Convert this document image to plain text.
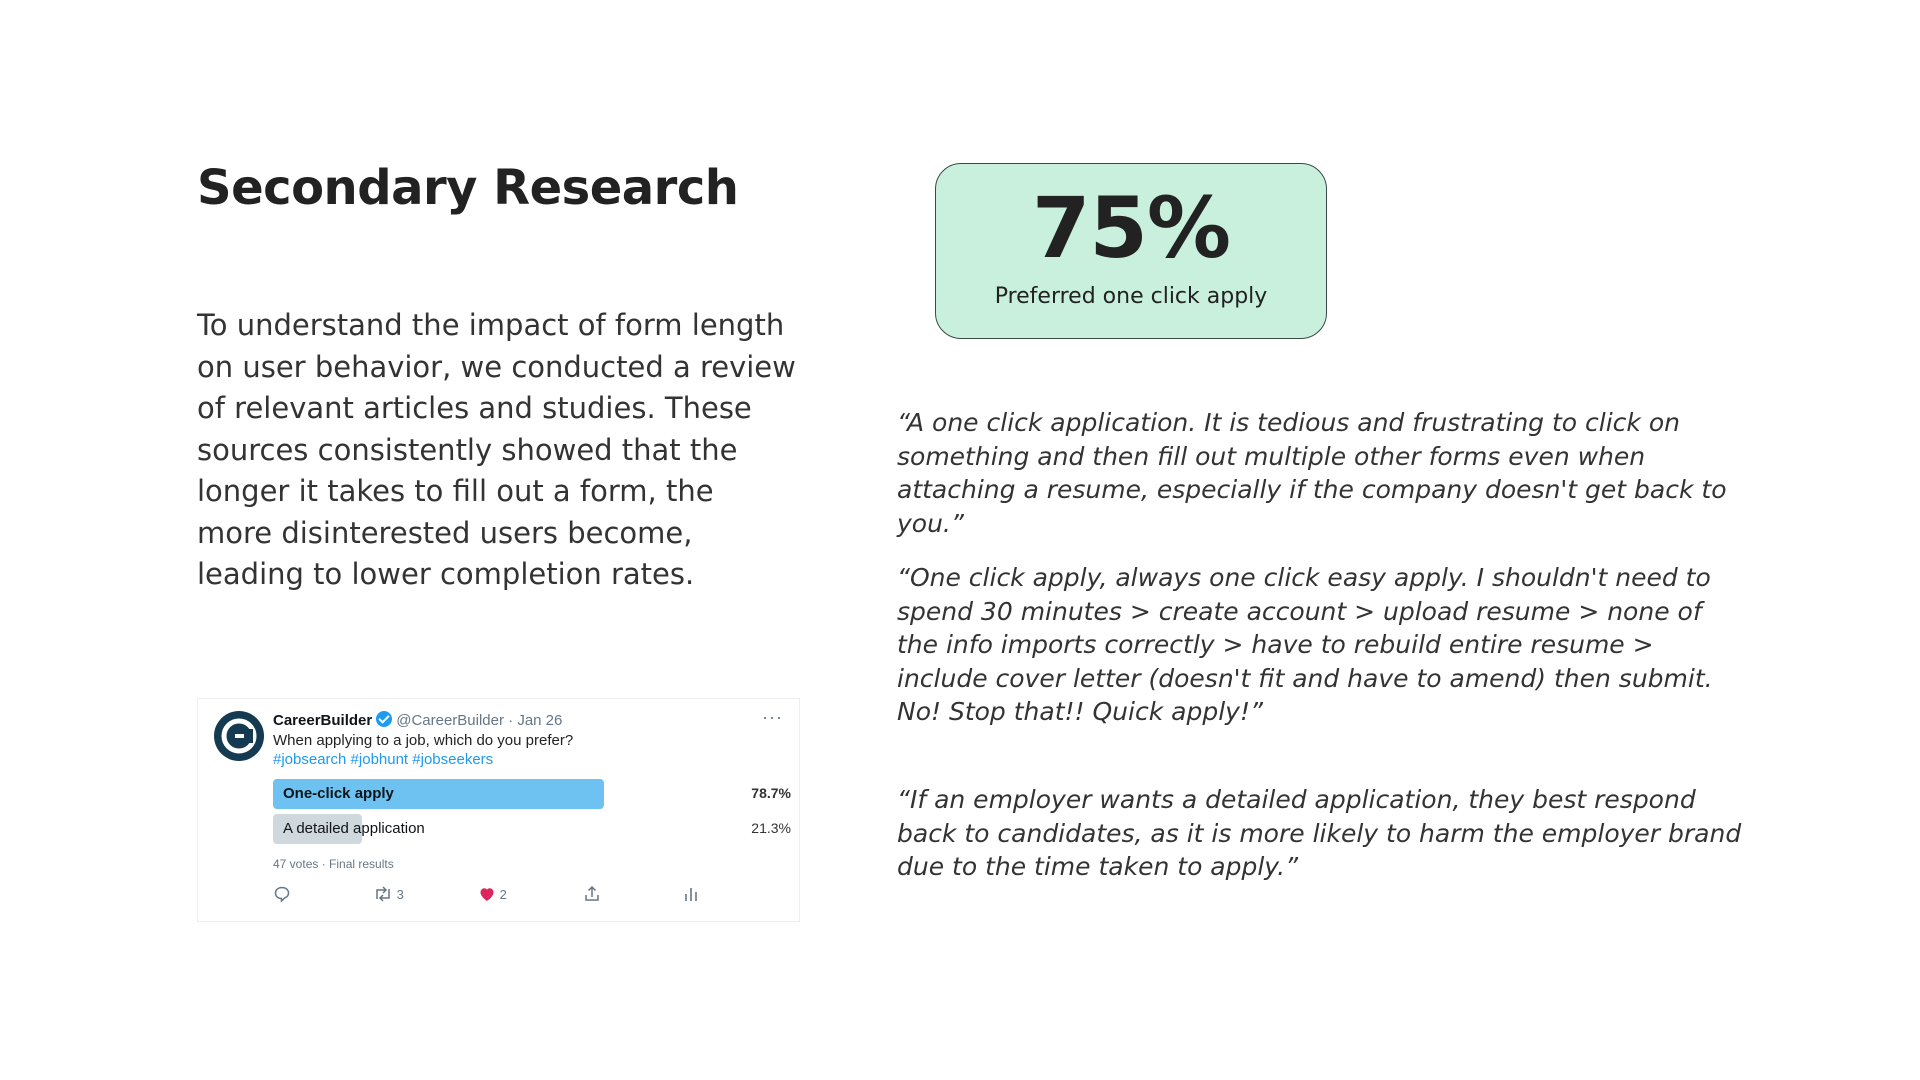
Secondary Research

To understand the impact of form length on user behavior, we conducted a review of relevant articles and studies. These sources consistently showed that the longer it takes to fill out a form, the more disinterested users become, leading to lower completion rates.

75%
Preferred one click apply

“A one click application. It is tedious and frustrating to click on something and then fill out multiple other forms even when attaching a resume, especially if the company doesn't get back to you.”

“One click apply, always one click easy apply. I shouldn't need to spend 30 minutes > create account > upload resume > none of the info imports correctly > have to rebuild entire resume > include cover letter (doesn't fit and have to amend) then submit. No! Stop that!! Quick apply!”

“If an employer wants a detailed application, they best respond back to candidates, as it is more likely to harm the employer brand due to the time taken to apply.”

CareerBuilder @CareerBuilder · Jan 26	···
When applying to a job, which do you prefer?
#jobsearch #jobhunt #jobseekers
One-click apply	78.7%
A detailed application	21.3%
47 votes · Final results
3	2
